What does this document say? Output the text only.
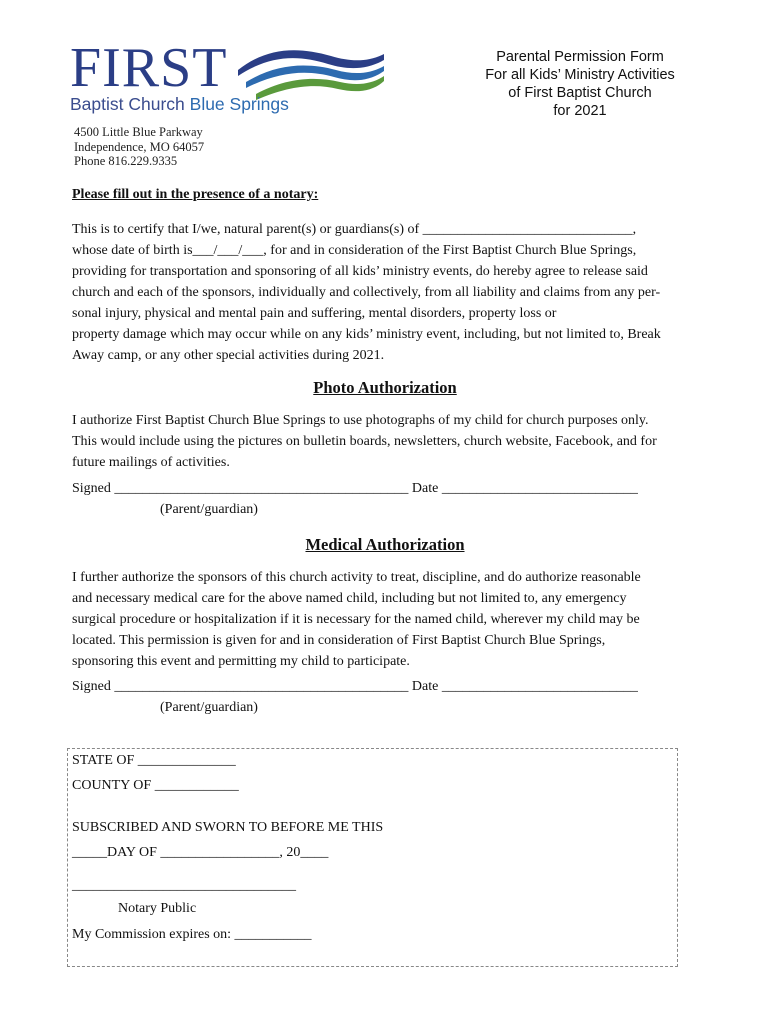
FIRST
Baptist Church Blue Springs
Parental Permission Form
For all Kids’ Ministry Activities
of First Baptist Church
for 2021
4500 Little Blue Parkway
Independence, MO 64057
Phone 816.229.9335
Please fill out in the presence of a notary:
This is to certify that I/we, natural parent(s) or guardians(s) of ______________________________,
whose date of birth is___/___/___, for and in consideration of the First Baptist Church Blue Springs,
providing for transportation and sponsoring of all kids’ ministry events, do hereby agree to release said
church and each of the sponsors, individually and collectively, from all liability and claims from any per-
sonal injury, physical and mental pain and suffering, mental disorders, property loss or
property damage which may occur while on any kids’ ministry event, including, but not limited to, Break
Away camp, or any other special activities during 2021.
Photo Authorization
I authorize First Baptist Church Blue Springs to use photographs of my child for church purposes only.
This would include using the pictures on bulletin boards, newsletters, church website, Facebook, and for
future mailings of activities.
Signed __________________________________________ Date ____________________________
(Parent/guardian)
Medical Authorization
I further authorize the sponsors of this church activity to treat, discipline, and do authorize reasonable
and necessary medical care for the above named child, including but not limited to, any emergency
surgical procedure or hospitalization if it is necessary for the named child, wherever my child may be
located. This permission is given for and in consideration of First Baptist Church Blue Springs,
sponsoring this event and permitting my child to participate.
Signed __________________________________________ Date ____________________________
(Parent/guardian)
STATE OF ______________
COUNTY OF ____________
SUBSCRIBED AND SWORN TO BEFORE ME THIS
_____DAY OF _________________, 20____
________________________________
Notary Public
My Commission expires on: ___________
